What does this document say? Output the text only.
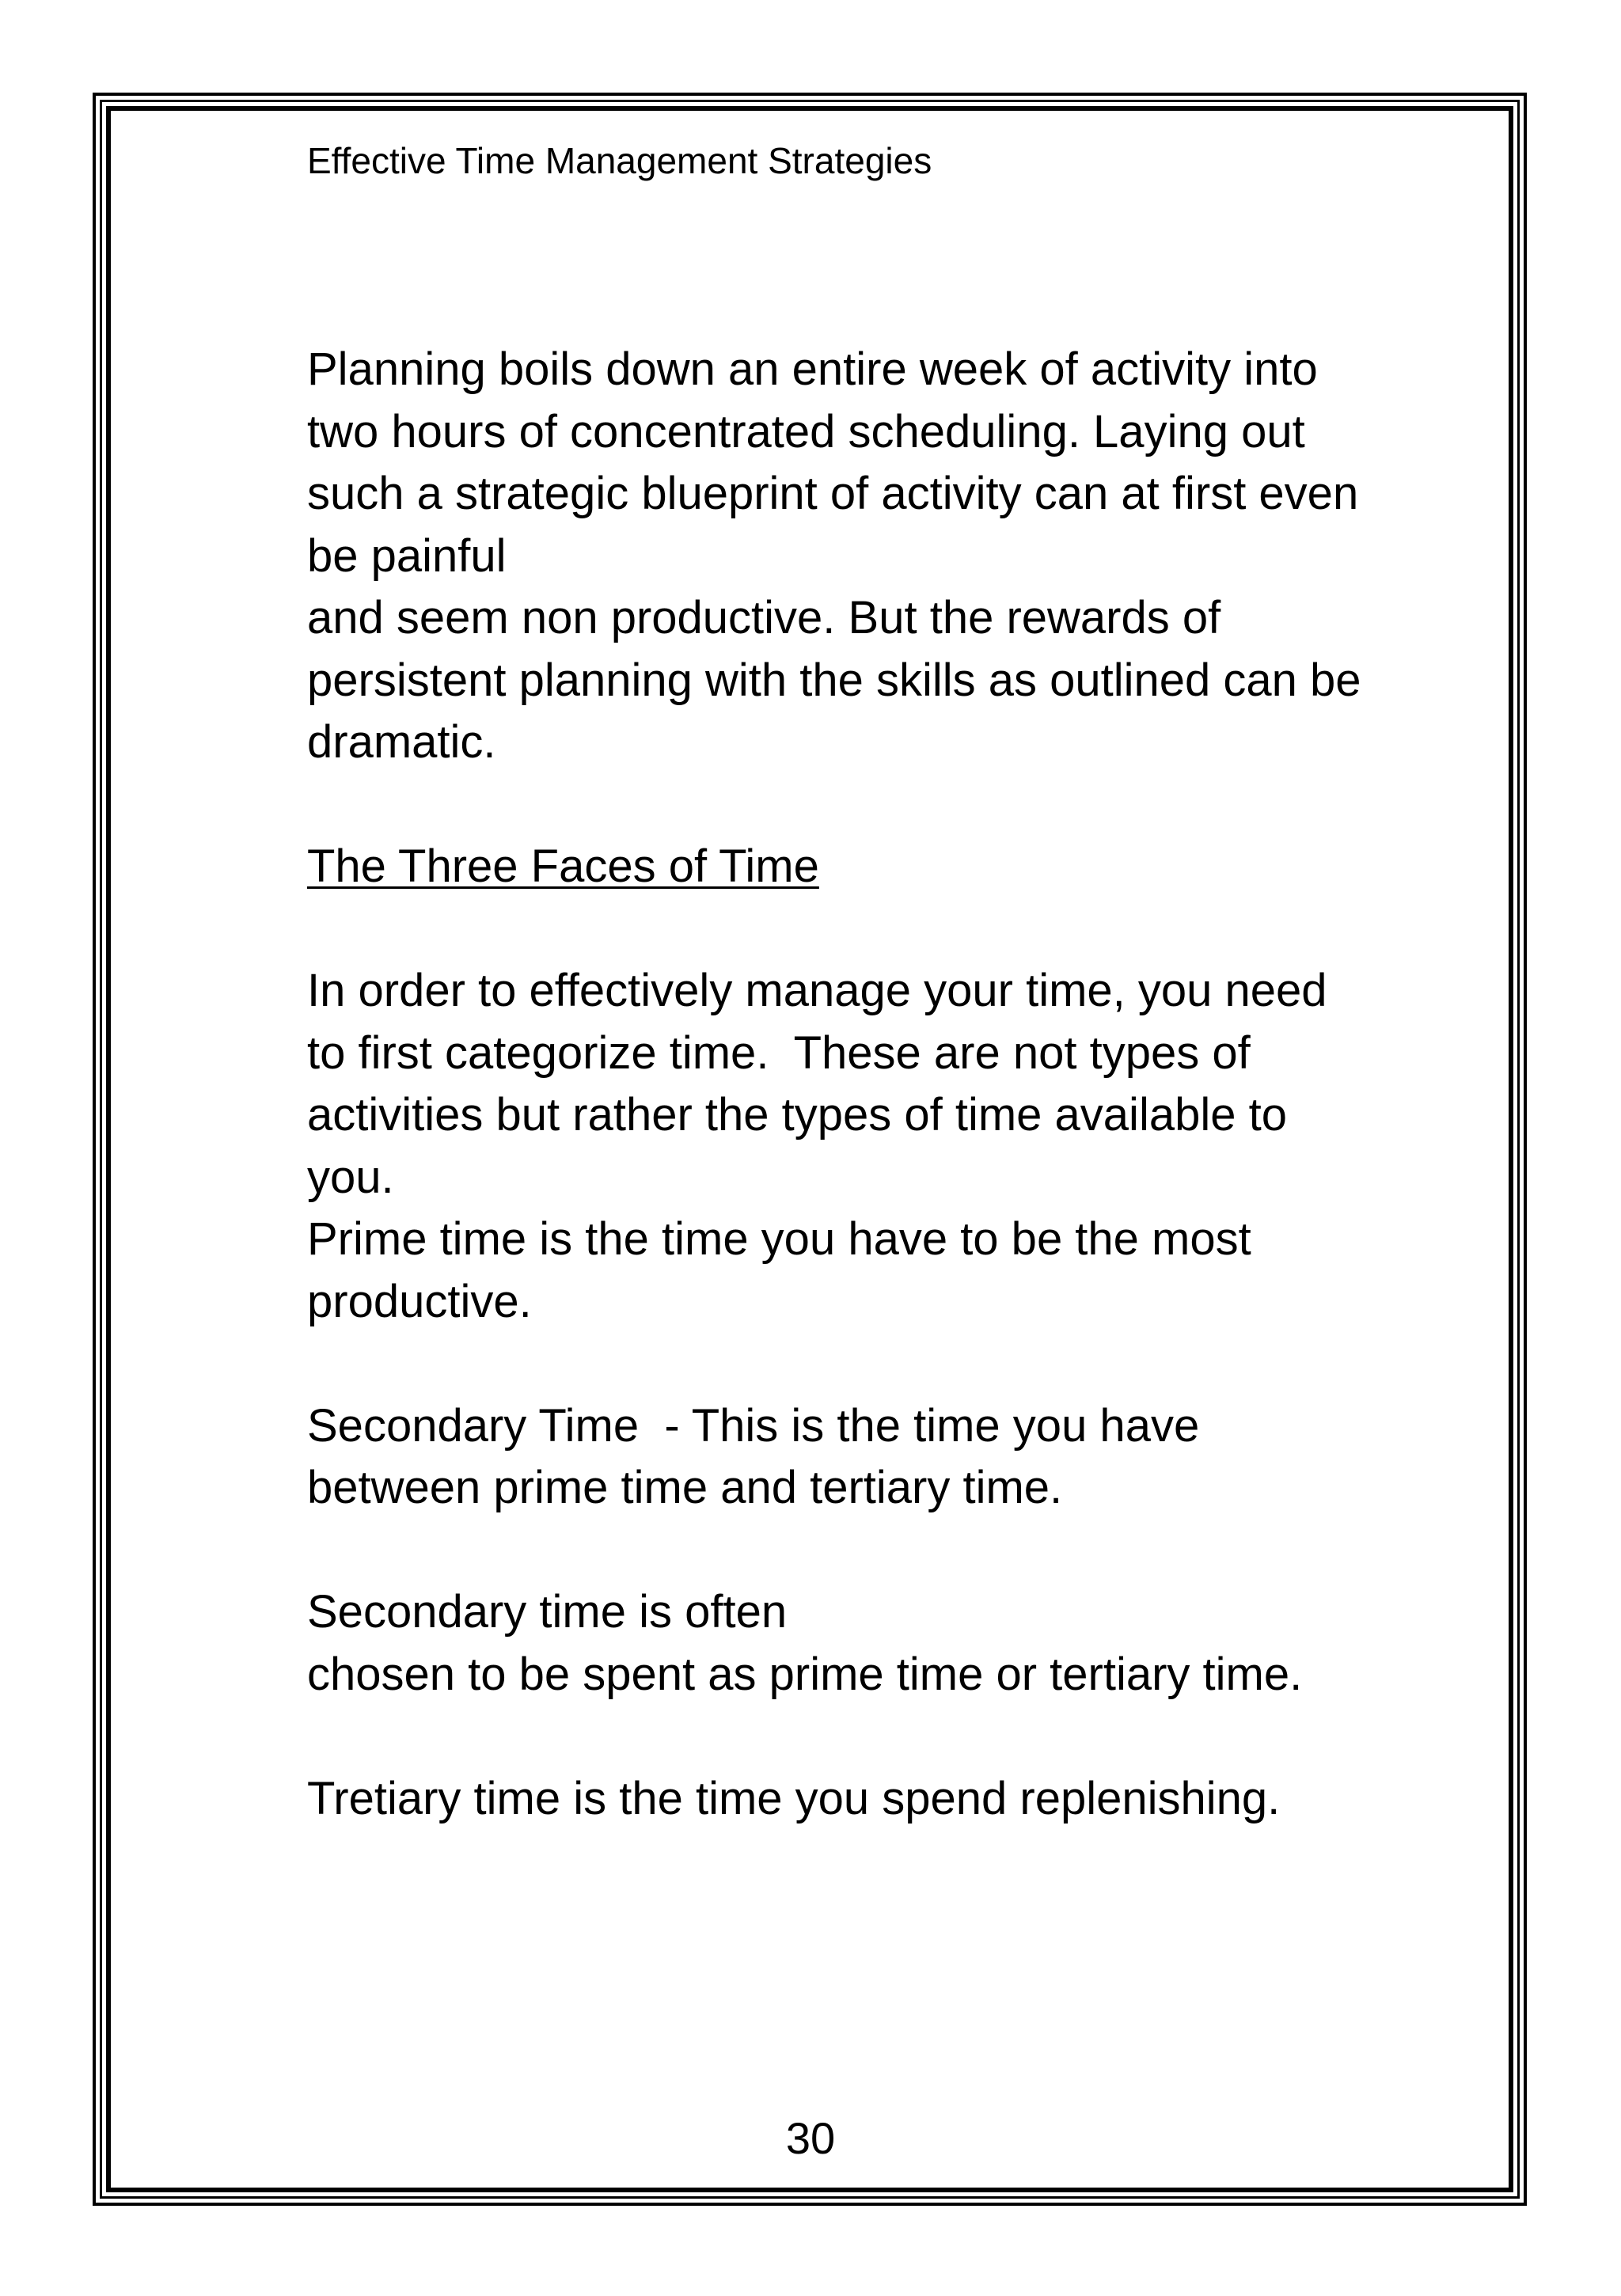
Effective Time Management Strategies
Planning boils down an entire week of activity into
two hours of concentrated scheduling. Laying out
such a strategic blueprint of activity can at first even
be painful
and seem non productive. But the rewards of
persistent planning with the skills as outlined can be
dramatic.
The Three Faces of Time
In order to effectively manage your time, you need
to first categorize time.  These are not types of
activities but rather the types of time available to
you.
Prime time is the time you have to be the most
productive.
Secondary Time  - This is the time you have
between prime time and tertiary time.
Secondary time is often
chosen to be spent as prime time or tertiary time.
Tretiary time is the time you spend replenishing.
30
